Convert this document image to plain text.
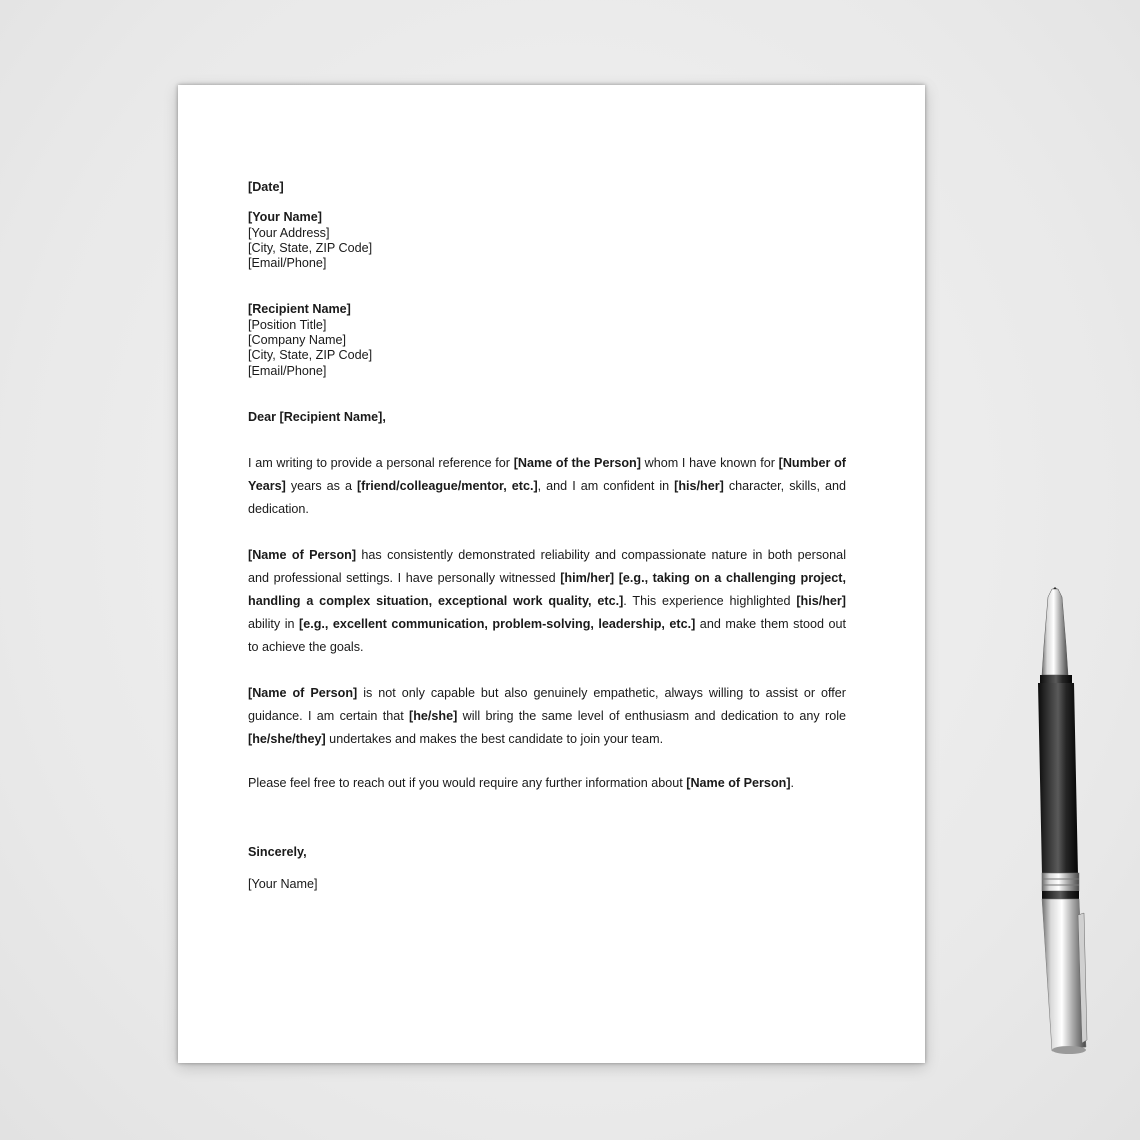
[Date]
[Your Name]
[Your Address]
[City, State, ZIP Code]
[Email/Phone]
[Recipient Name]
[Position Title]
[Company Name]
[City, State, ZIP Code]
[Email/Phone]

Dear [Recipient Name],

I am writing to provide a personal reference for [Name of the Person] whom I have known for [Number of Years] years as a [friend/colleague/mentor, etc.], and I am confident in [his/her] character, skills, and dedication.

[Name of Person] has consistently demonstrated reliability and compassionate nature in both personal and professional settings. I have personally witnessed [him/her] [e.g., taking on a challenging project, handling a complex situation, exceptional work quality, etc.]. This experience highlighted [his/her] ability in [e.g., excellent communication, problem-solving, leadership, etc.] and make them stood out to achieve the goals.

[Name of Person] is not only capable but also genuinely empathetic, always willing to assist or offer guidance. I am certain that [he/she] will bring the same level of enthusiasm and dedication to any role [he/she/they] undertakes and makes the best candidate to join your team.

Please feel free to reach out if you would require any further information about [Name of Person].

Sincerely,

[Your Name]
